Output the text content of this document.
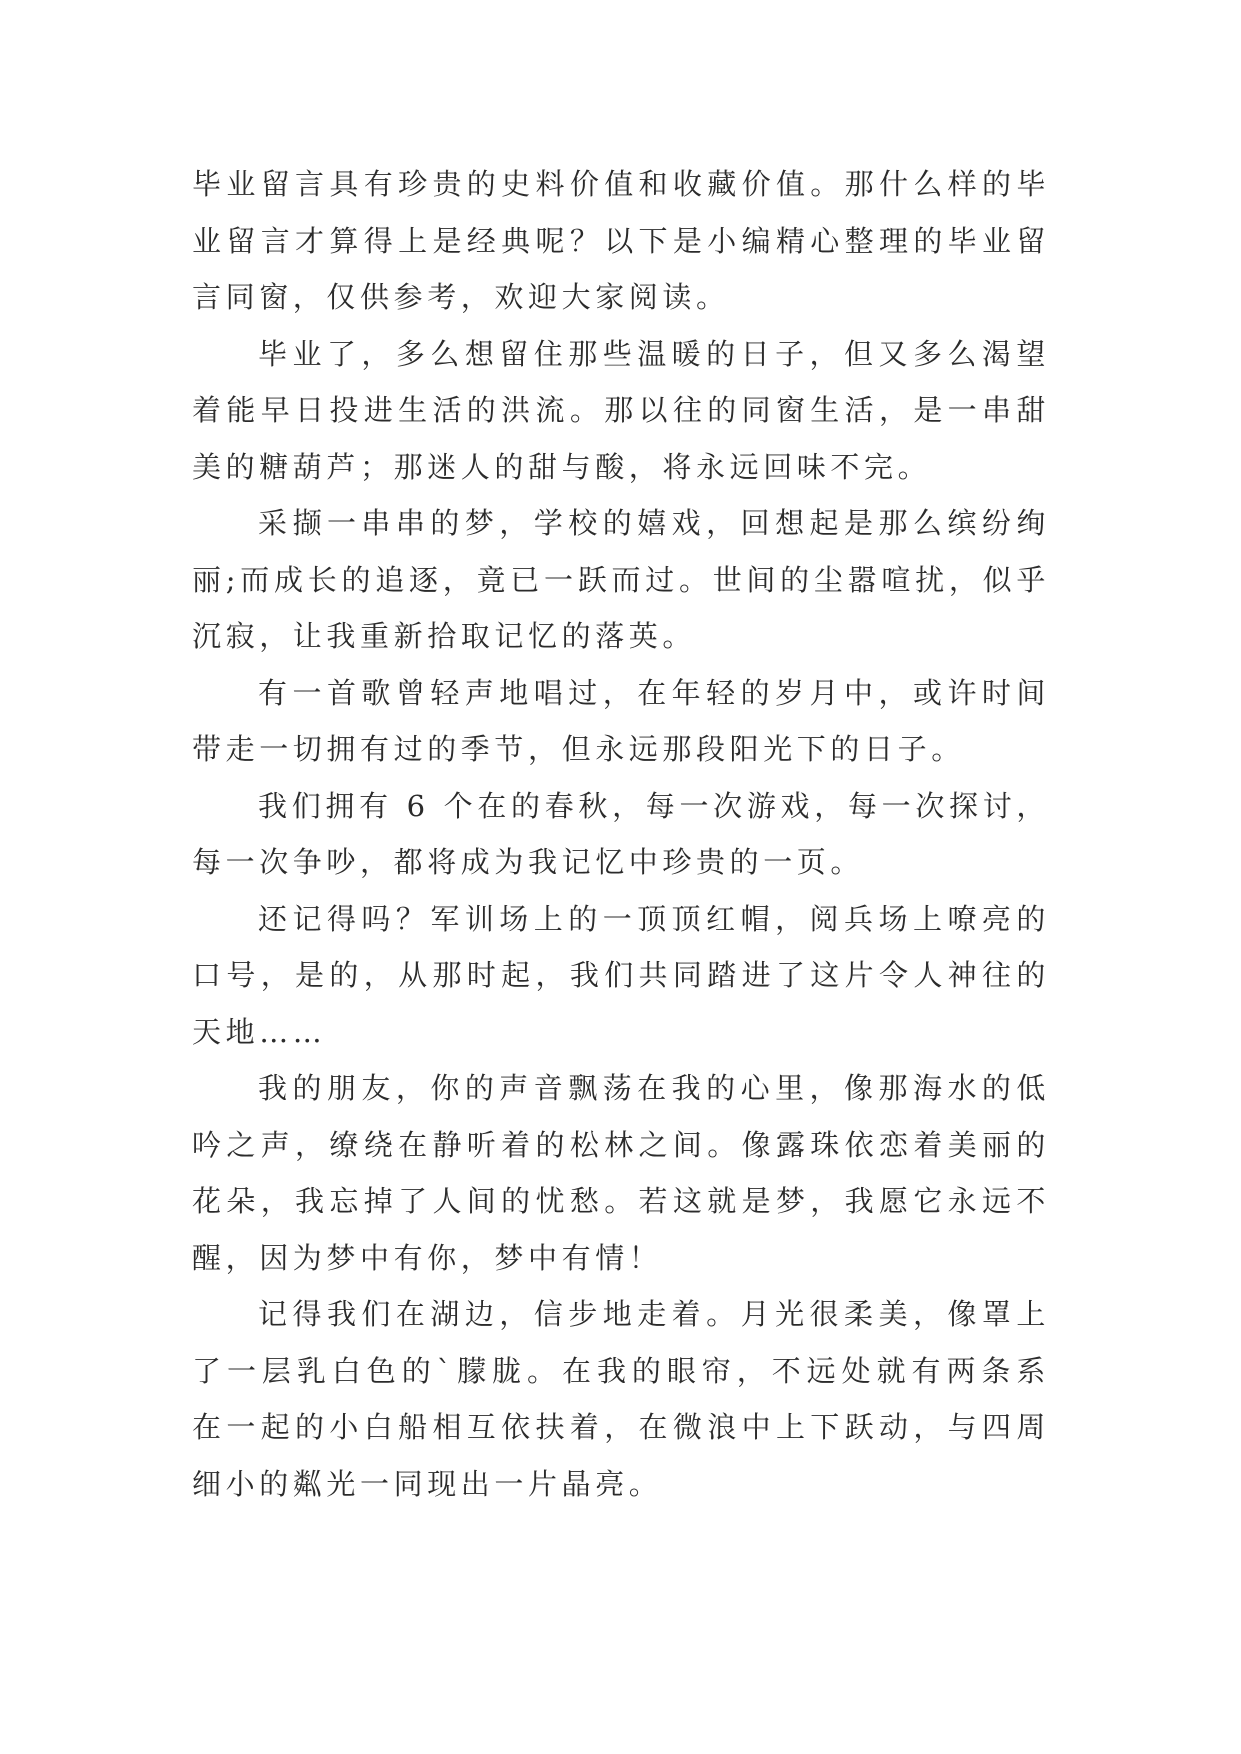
毕业留言具有珍贵的史料价值和收藏价值。那什么样的毕业留言才算得上是经典呢？以下是小编精心整理的毕业留言同窗，仅供参考，欢迎大家阅读。

毕业了，多么想留住那些温暖的日子，但又多么渴望着能早日投进生活的洪流。那以往的同窗生活，是一串甜美的糖葫芦；那迷人的甜与酸，将永远回味不完。

采撷一串串的梦，学校的嬉戏，回想起是那么缤纷绚丽;而成长的追逐，竟已一跃而过。世间的尘嚣喧扰，似乎沉寂，让我重新拾取记忆的落英。

有一首歌曾轻声地唱过，在年轻的岁月中，或许时间带走一切拥有过的季节，但永远那段阳光下的日子。

我们拥有 6 个在的春秋，每一次游戏，每一次探讨，每一次争吵，都将成为我记忆中珍贵的一页。

还记得吗？军训场上的一顶顶红帽，阅兵场上嘹亮的口号，是的，从那时起，我们共同踏进了这片令人神往的天地……

我的朋友，你的声音飘荡在我的心里，像那海水的低吟之声，缭绕在静听着的松林之间。像露珠依恋着美丽的花朵，我忘掉了人间的忧愁。若这就是梦，我愿它永远不醒，因为梦中有你，梦中有情！

记得我们在湖边，信步地走着。月光很柔美，像罩上了一层乳白色的`朦胧。在我的眼帘，不远处就有两条系在一起的小白船相互依扶着，在微浪中上下跃动，与四周细小的粼光一同现出一片晶亮。
